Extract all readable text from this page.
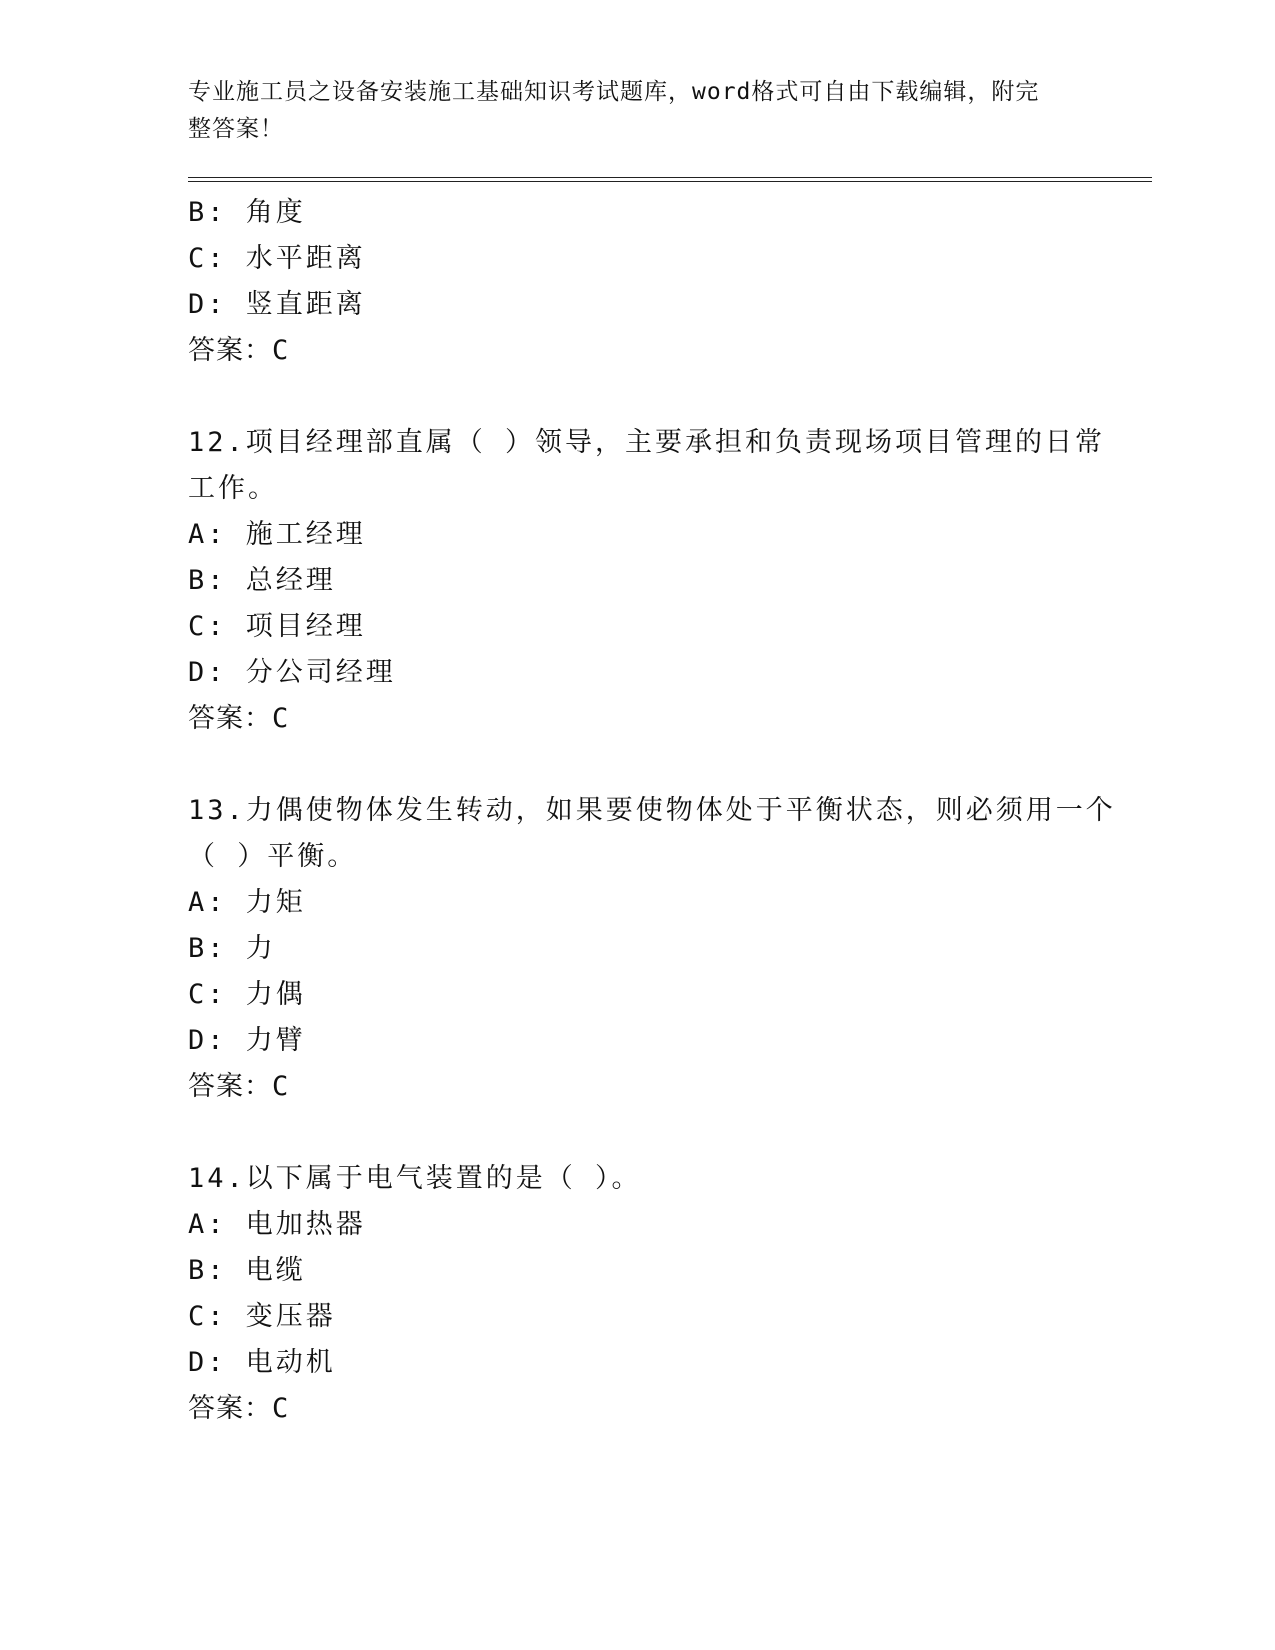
专业施工员之设备安装施工基础知识考试题库，word格式可自由下载编辑，附完
整答案！
B: 角度
C: 水平距离
D: 竖直距离
答案：C
12.项目经理部直属（ ）领导，主要承担和负责现场项目管理的日常
工作。
A: 施工经理
B: 总经理
C: 项目经理
D: 分公司经理
答案：C
13.力偶使物体发生转动，如果要使物体处于平衡状态，则必须用一个
（ ）平衡。
A: 力矩
B: 力
C: 力偶
D: 力臂
答案：C
14.以下属于电气装置的是（ ）。
A: 电加热器
B: 电缆
C: 变压器
D: 电动机
答案：C
